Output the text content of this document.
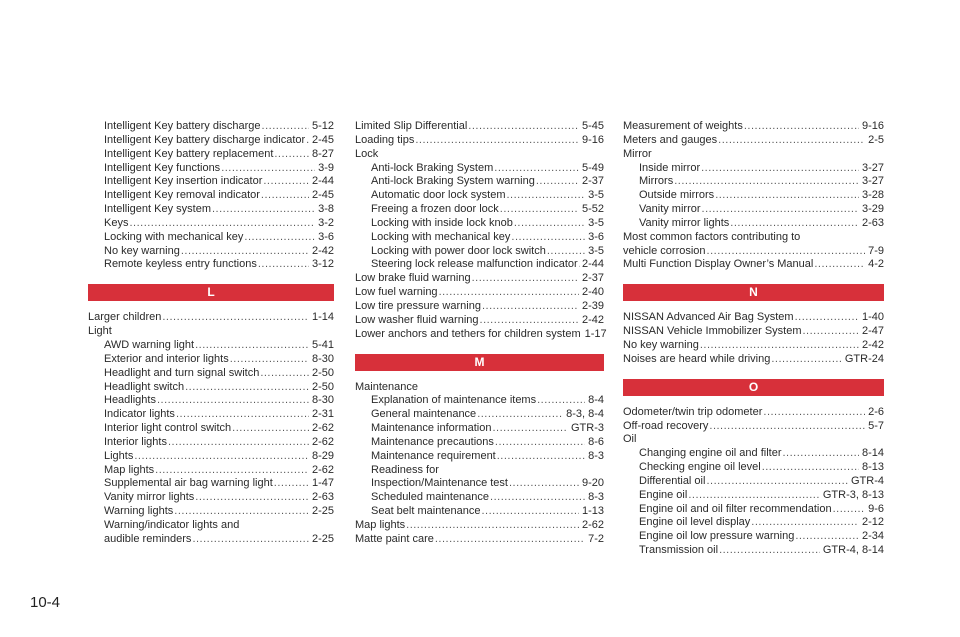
Intelligent Key battery discharge .....	5-12
Intelligent Key battery discharge indicator ..... 2-45
Intelligent Key battery replacement .....	8-27
Intelligent Key functions .....	3-9
Intelligent Key insertion indicator .....	2-44
Intelligent Key removal indicator .....	2-45
Intelligent Key system .....	3-8
Keys .....	3-2
Locking with mechanical key .....	3-6
No key warning .....	2-42
Remote keyless entry functions .....	3-12
L
Larger children .....	1-14
Light
AWD warning light .....	5-41
Exterior and interior lights .....	8-30
Headlight and turn signal switch .....	2-50
Headlight switch .....	2-50
Headlights .....	8-30
Indicator lights .....	2-31
Interior light control switch .....	2-62
Interior lights .....	2-62
Lights .....	8-29
Map lights .....	2-62
Supplemental air bag warning light .....	1-47
Vanity mirror lights .....	2-63
Warning lights .....	2-25
Warning/indicator lights and
audible reminders .....	2-25
Limited Slip Differential .....	5-45
Loading tips .....	9-16
Lock
Anti-lock Braking System .....	5-49
Anti-lock Braking System warning .....	2-37
Automatic door lock system .....	3-5
Freeing a frozen door lock .....	5-52
Locking with inside lock knob .....	3-5
Locking with mechanical key .....	3-6
Locking with power door lock switch .....	3-5
Steering lock release malfunction indicator ..... 2-44
Low brake fluid warning .....	2-37
Low fuel warning .....	2-40
Low tire pressure warning .....	2-39
Low washer fluid warning .....	2-42
Lower anchors and tethers for children system 1-17
M
Maintenance
Explanation of maintenance items .....	8-4
General maintenance .....	8-3, 8-4
Maintenance information .....	GTR-3
Maintenance precautions .....	8-6
Maintenance requirement .....	8-3
Readiness for
Inspection/Maintenance test .....	9-20
Scheduled maintenance .....	8-3
Seat belt maintenance .....	1-13
Map lights .....	2-62
Matte paint care .....	7-2
Measurement of weights .....	9-16
Meters and gauges .....	2-5
Mirror
Inside mirror .....	3-27
Mirrors .....	3-27
Outside mirrors .....	3-28
Vanity mirror .....	3-29
Vanity mirror lights .....	2-63
Most common factors contributing to
vehicle corrosion .....	7-9
Multi Function Display Owner’s Manual .....	4-2
N
NISSAN Advanced Air Bag System .....	1-40
NISSAN Vehicle Immobilizer System .....	2-47
No key warning .....	2-42
Noises are heard while driving .....	GTR-24
O
Odometer/twin trip odometer .....	2-6
Off-road recovery .....	5-7
Oil
Changing engine oil and filter .....	8-14
Checking engine oil level .....	8-13
Differential oil .....	GTR-4
Engine oil .....	GTR-3, 8-13
Engine oil and oil filter recommendation .....	9-6
Engine oil level display .....	2-12
Engine oil low pressure warning .....	2-34
Transmission oil .....	GTR-4, 8-14
10-4
